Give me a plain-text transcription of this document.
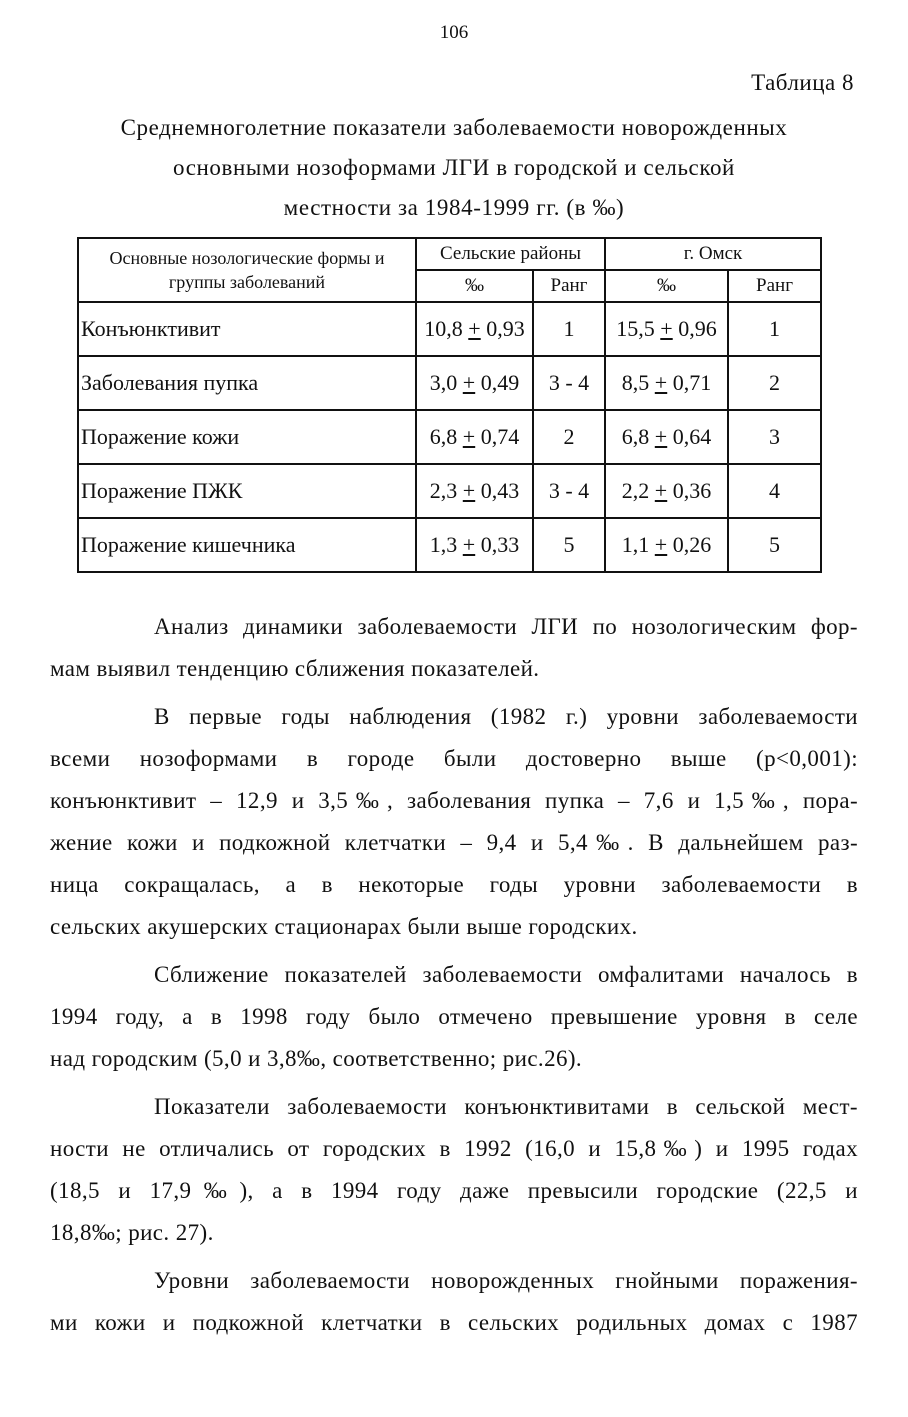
106
Таблица 8
Среднемноголетние показатели заболеваемости новорожденных
основными нозоформами ЛГИ в городской и сельской
местности за 1984-1999 гг. (в ‰)
Основные нозологические формы и группы заболеваний	Сельские районы		г. Омск	
	‰	Ранг	‰	Ранг
Конъюнктивит	10,8 + 0,93	1	15,5 + 0,96	1
Заболевания пупка	3,0 + 0,49	3 - 4	8,5 + 0,71	2
Поражение кожи	6,8 + 0,74	2	6,8 + 0,64	3
Поражение ПЖК	2,3 + 0,43	3 - 4	2,2 + 0,36	4
Поражение кишечника	1,3 + 0,33	5	1,1 + 0,26	5
Анализ динамики заболеваемости ЛГИ по нозологическим фор-
мам выявил тенденцию сближения показателей.
В первые годы наблюдения (1982 г.) уровни заболеваемости
всеми нозоформами в городе были достоверно выше (р<0,001):
конъюнктивит – 12,9 и 3,5‰, заболевания пупка – 7,6 и 1,5‰, пора-
жение кожи и подкожной клетчатки – 9,4 и 5,4‰. В дальнейшем раз-
ница сокращалась, а в некоторые годы уровни заболеваемости в
сельских акушерских стационарах были выше городских.
Сближение показателей заболеваемости омфалитами началось в
1994 году, а в 1998 году было отмечено превышение уровня в селе
над городским (5,0 и 3,8‰, соответственно; рис.26).
Показатели заболеваемости конъюнктивитами в сельской мест-
ности не отличались от городских в 1992 (16,0 и 15,8‰) и 1995 годах
(18,5 и 17,9‰), а в 1994 году даже превысили городские (22,5 и
18,8‰; рис. 27).
Уровни заболеваемости новорожденных гнойными поражения-
ми кожи и подкожной клетчатки в сельских родильных домах с 1987
